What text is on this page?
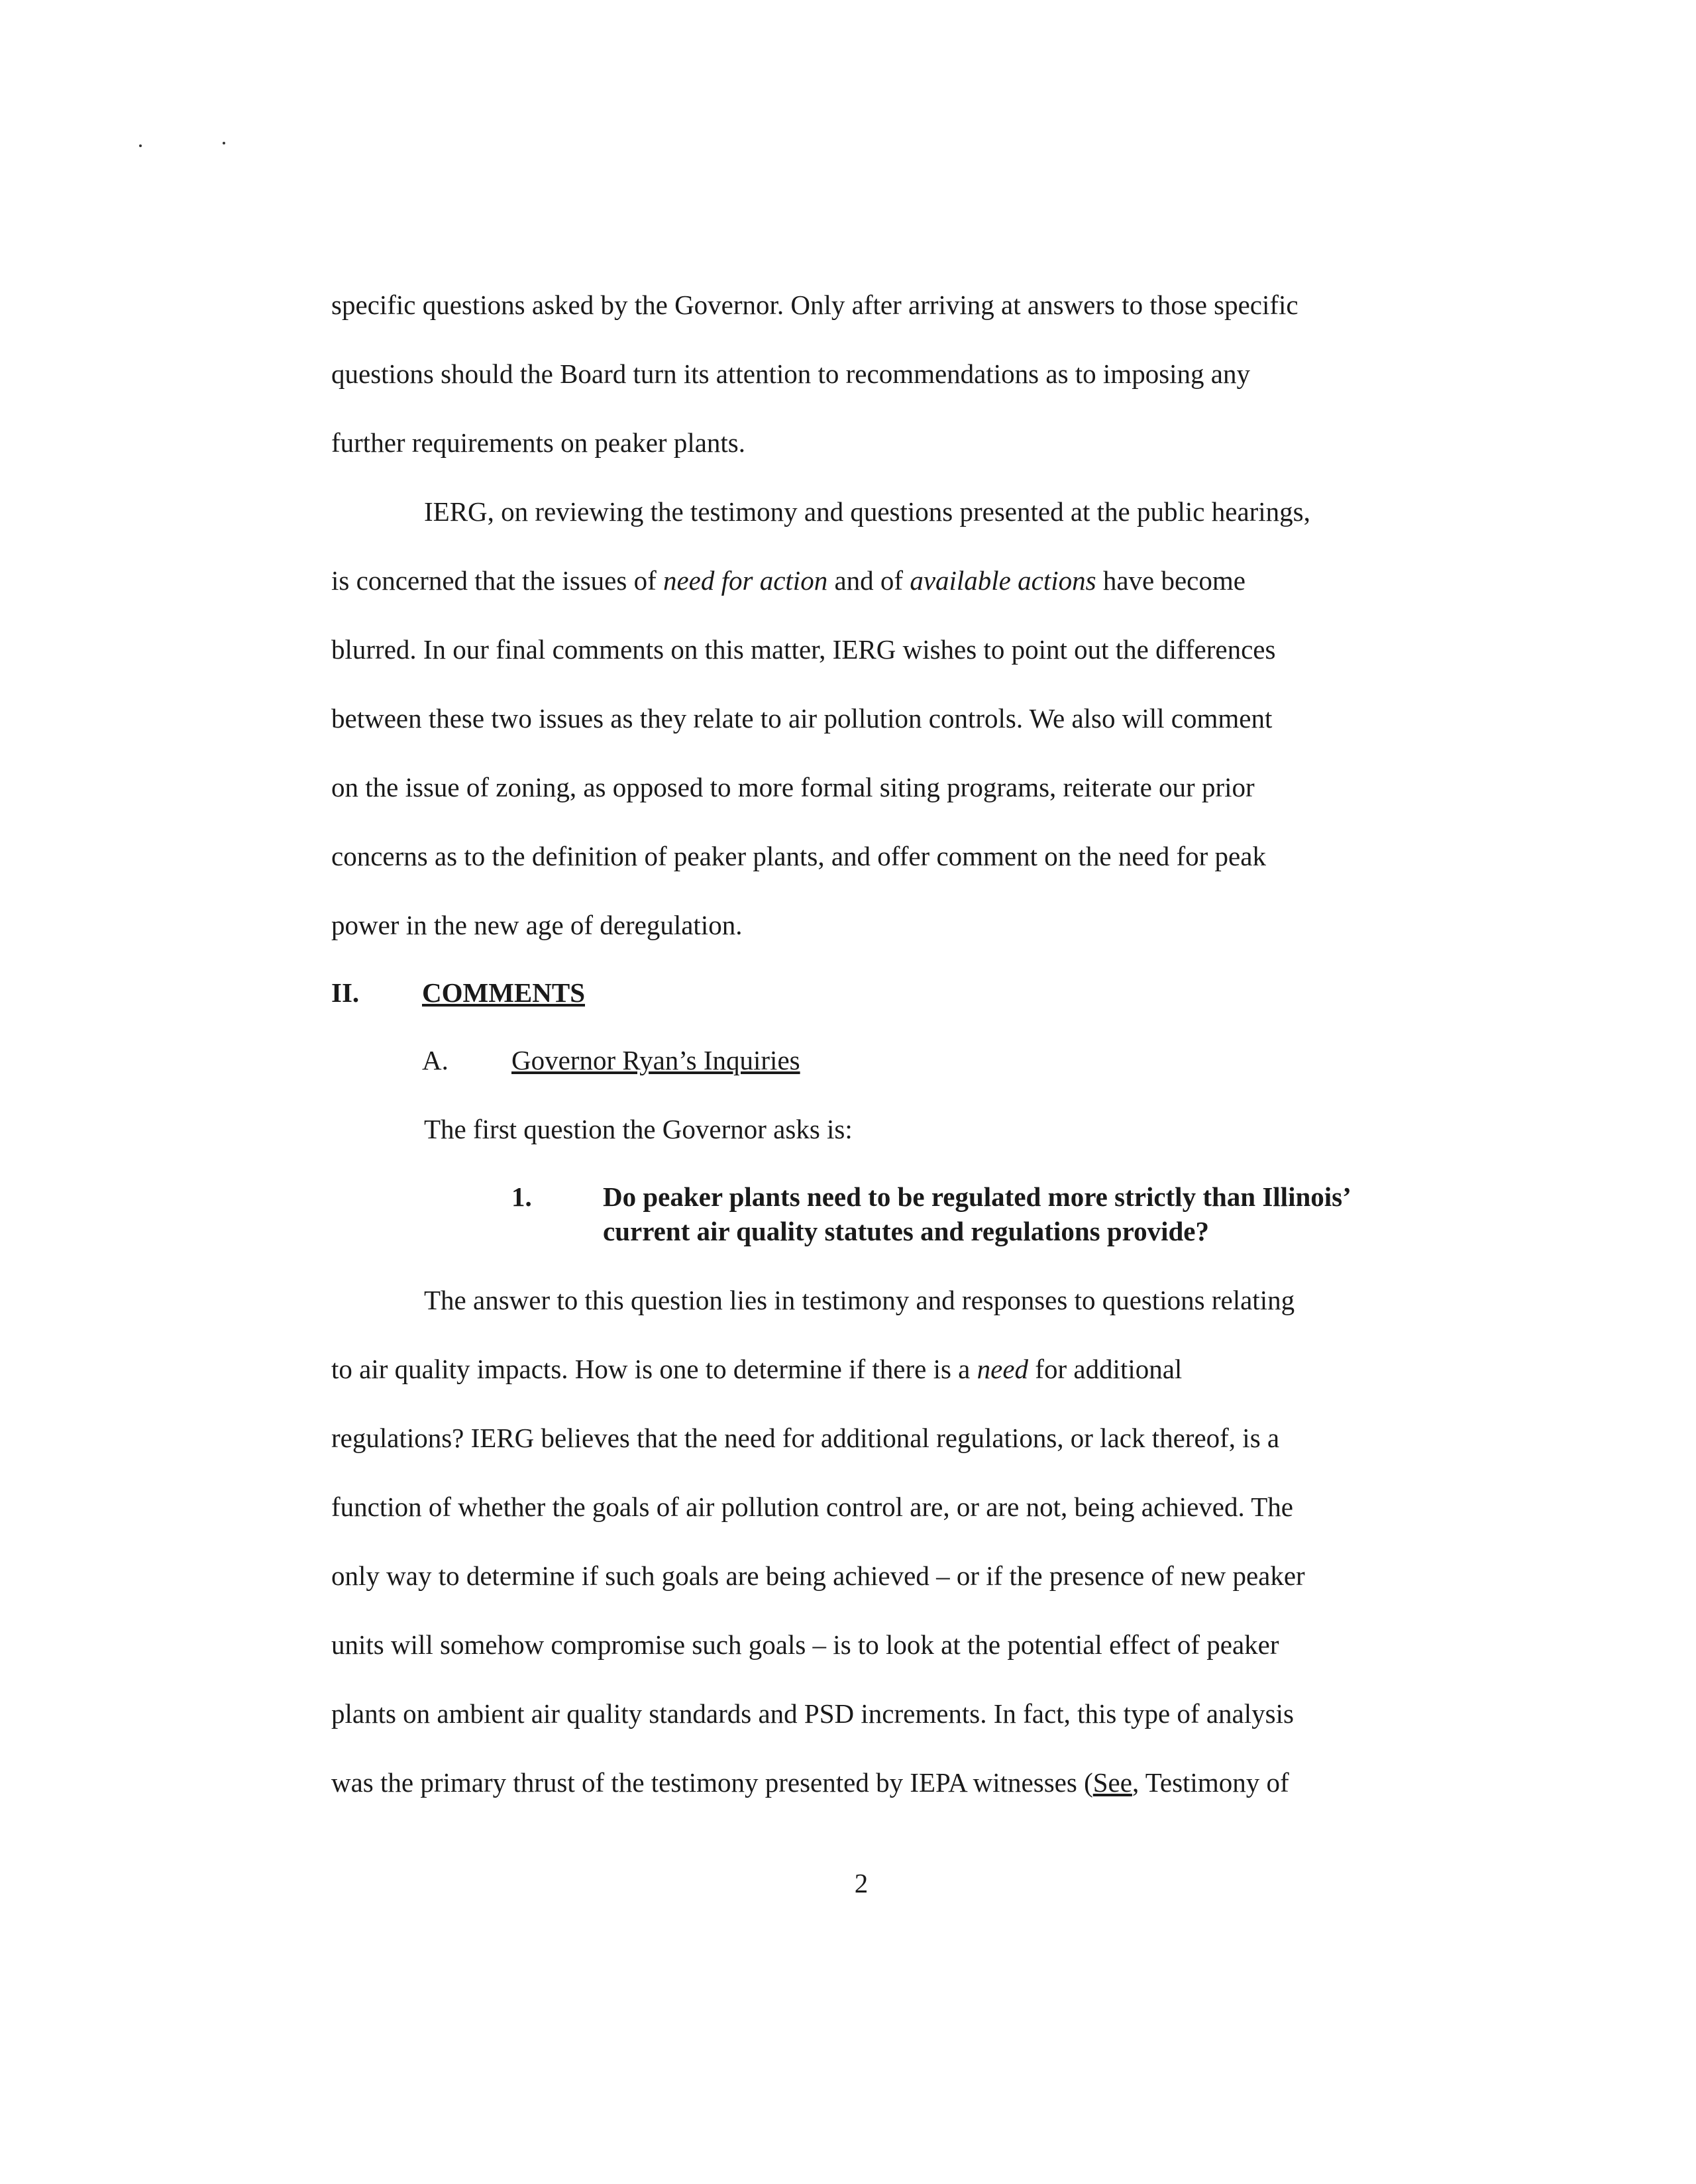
specific questions asked by the Governor. Only after arriving at answers to those specific
questions should the Board turn its attention to recommendations as to imposing any
further requirements on peaker plants.
IERG, on reviewing the testimony and questions presented at the public hearings,
is concerned that the issues of need for action and of available actions have become
blurred. In our final comments on this matter, IERG wishes to point out the differences
between these two issues as they relate to air pollution controls. We also will comment
on the issue of zoning, as opposed to more formal siting programs, reiterate our prior
concerns as to the definition of peaker plants, and offer comment on the need for peak
power in the new age of deregulation.
II. COMMENTS
A. Governor Ryan’s Inquiries
The first question the Governor asks is:
1.	Do peaker plants need to be regulated more strictly than Illinois’ current air quality statutes and regulations provide?
The answer to this question lies in testimony and responses to questions relating
to air quality impacts. How is one to determine if there is a need for additional
regulations? IERG believes that the need for additional regulations, or lack thereof, is a
function of whether the goals of air pollution control are, or are not, being achieved. The
only way to determine if such goals are being achieved – or if the presence of new peaker
units will somehow compromise such goals – is to look at the potential effect of peaker
plants on ambient air quality standards and PSD increments. In fact, this type of analysis
was the primary thrust of the testimony presented by IEPA witnesses (See, Testimony of
2
